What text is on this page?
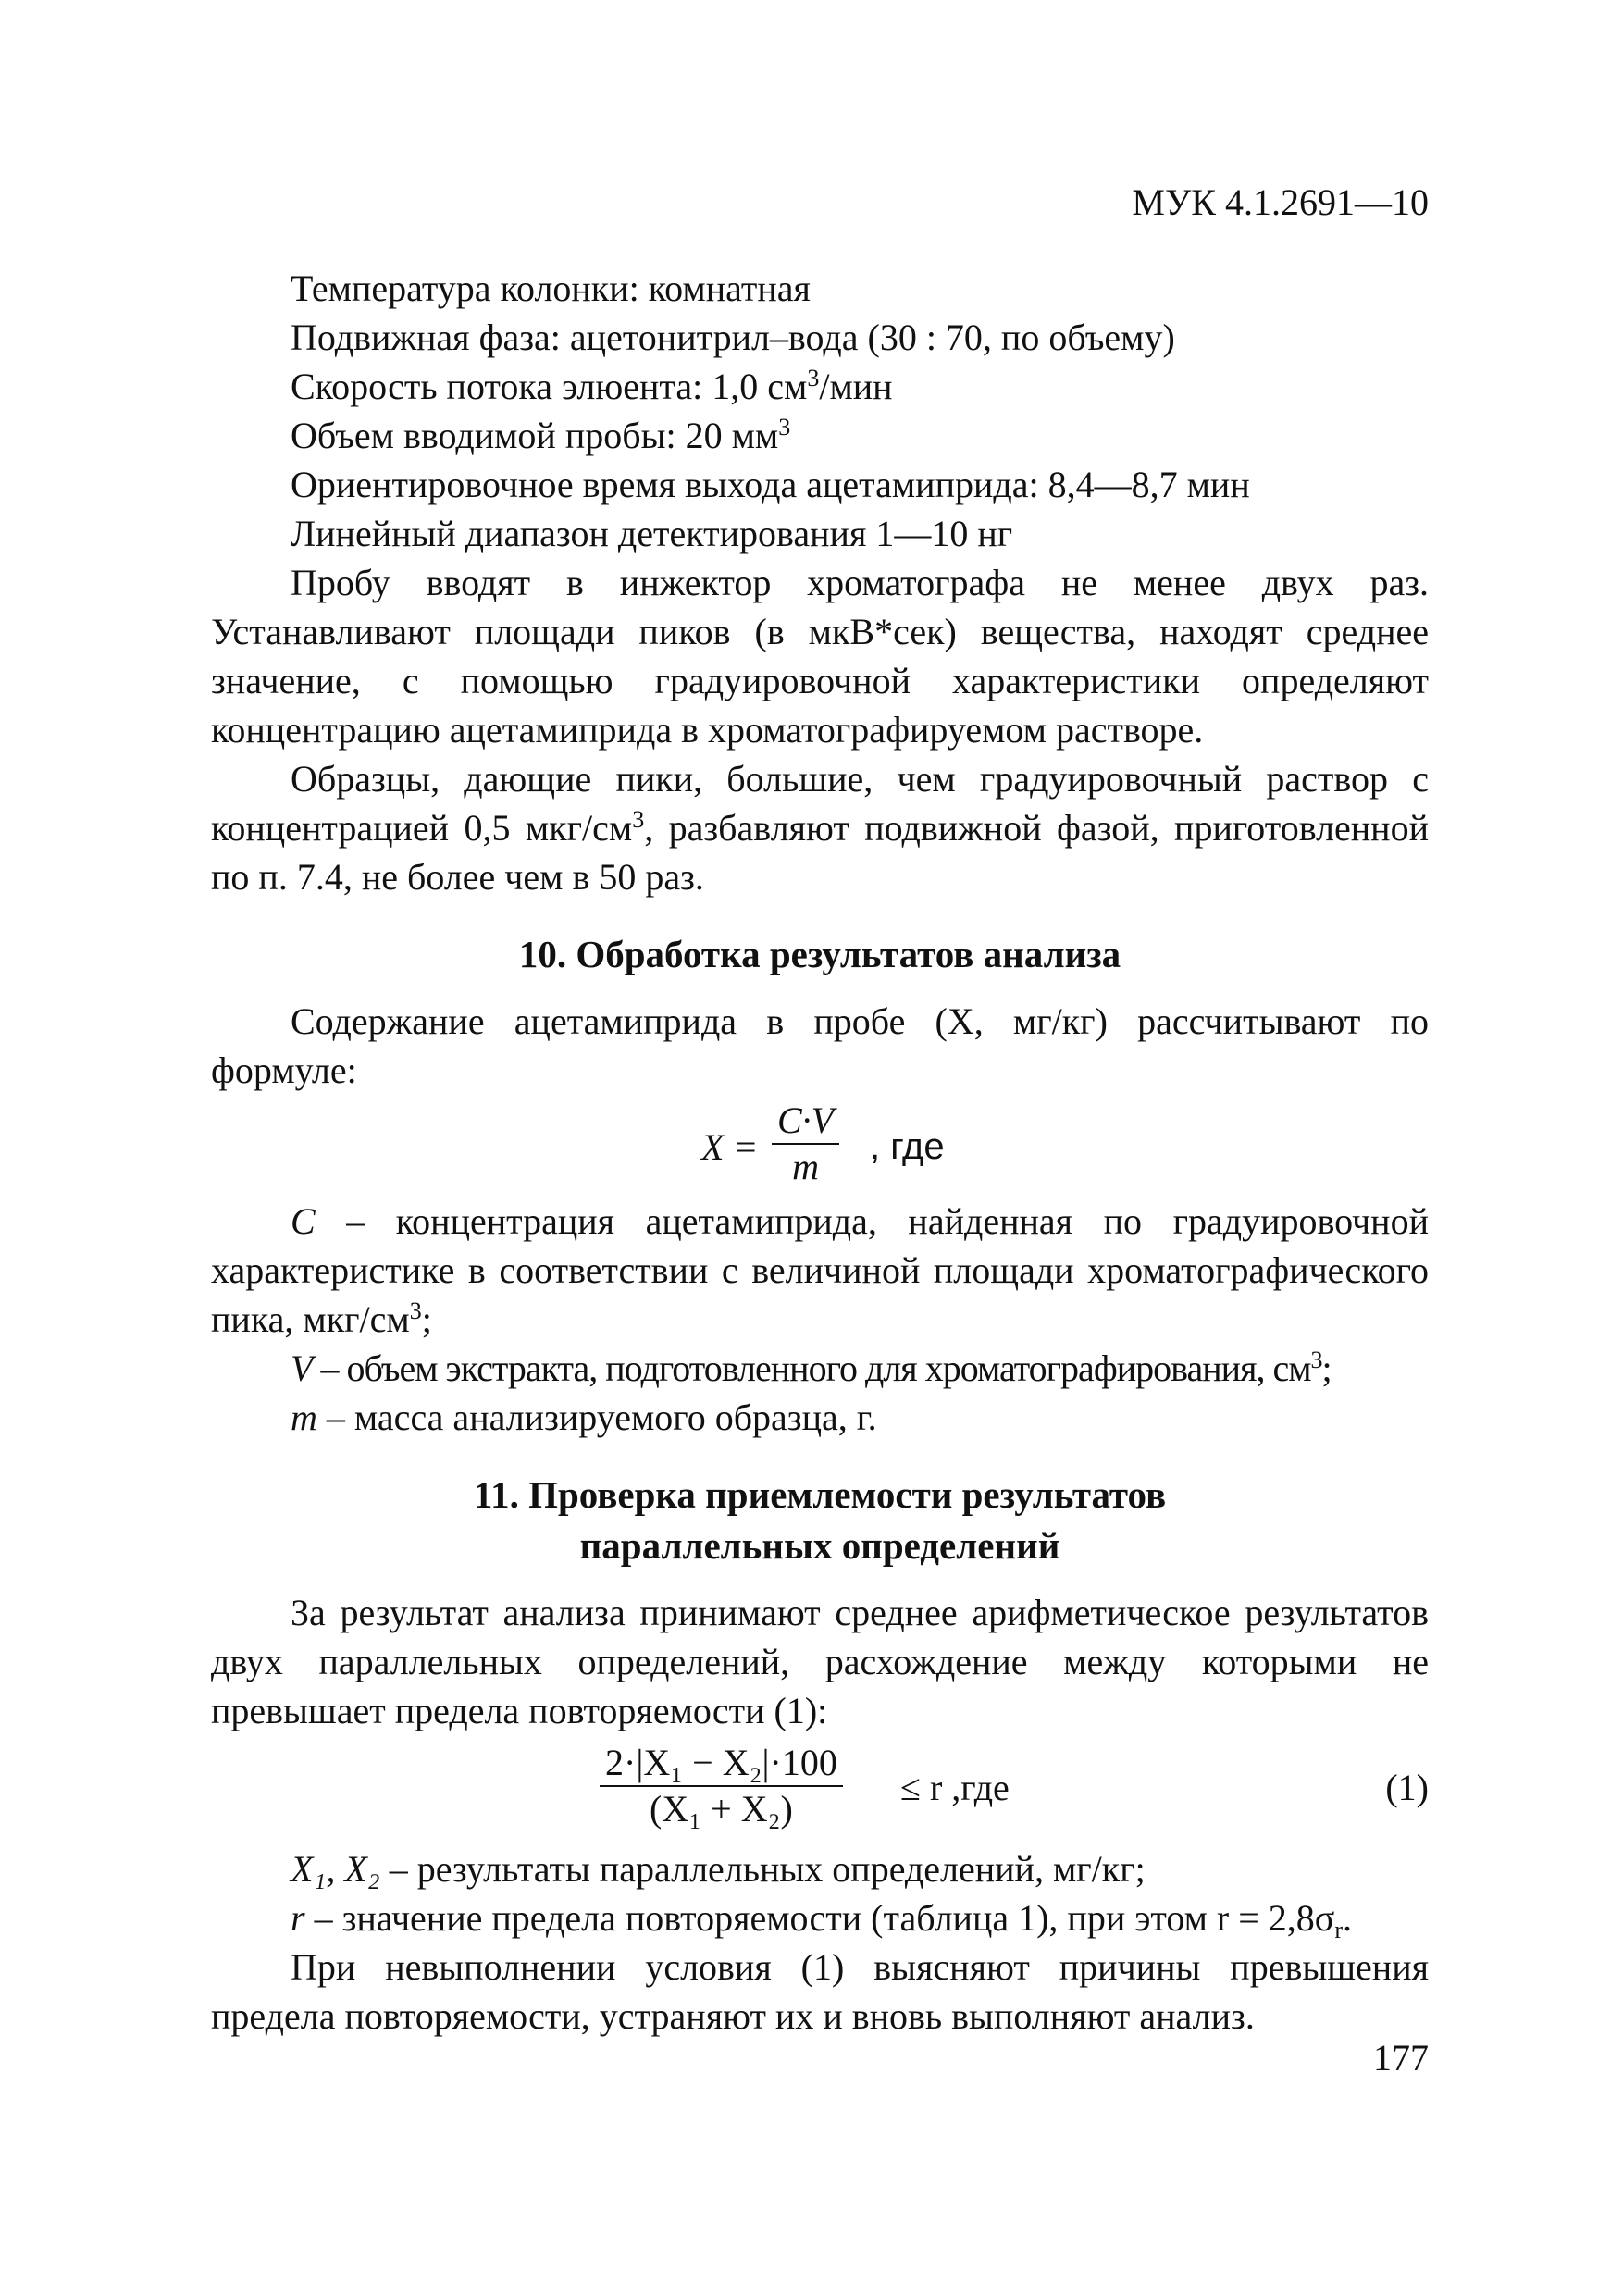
МУК 4.1.2691—10

Температура колонки: комнатная

Подвижная фаза: ацетонитрил–вода (30 : 70, по объему)

Скорость потока элюента: 1,0 $см^3$/мин

Объем вводимой пробы: 20 $мм^3$

Ориентировочное время выхода ацетамиприда: 8,4—8,7 мин

Линейный диапазон детектирования 1—10 нг

Пробу вводят в инжектор хроматографа не менее двух раз. Устанавливают площади пиков (в мкВ*сек) вещества, находят среднее значение, с помощью градуировочной характеристики определяют концентрацию ацетамиприда в хроматографируемом растворе.

Образцы, дающие пики, большие, чем градуировочный раствор с концентрацией 0,5 мкг/$см^3$, разбавляют подвижной фазой, приготовленной по п. 7.4, не более чем в 50 раз.

10. Обработка результатов анализа

Содержание ацетамиприда в пробе (X, мг/кг) рассчитывают по формуле:

$X = \frac{C\cdot V}{m}$ , где

C – концентрация ацетамиприда, найденная по градуировочной характеристике в соответствии с величиной площади хроматографического пика, мкг/$см^3$;

V – объем экстракта, подготовленного для хроматографирования, $см^3$;

m – масса анализируемого образца, г.

11. Проверка приемлемости результатов
параллельных определений

За результат анализа принимают среднее арифметическое результатов двух параллельных определений, расхождение между которыми не превышает предела повторяемости (1):

$\frac{\text{2·|X₁ − X₂|·100}}{\text{(X₁ + X₂)}} \le r$ ,где	(1)

X₁, X₂ – результаты параллельных определений, мг/кг;

r – значение предела повторяемости (таблица 1), при этом $r = 2,8\sigma_r$.

При невыполнении условия (1) выясняют причины превышения предела повторяемости, устраняют их и вновь выполняют анализ.

177
